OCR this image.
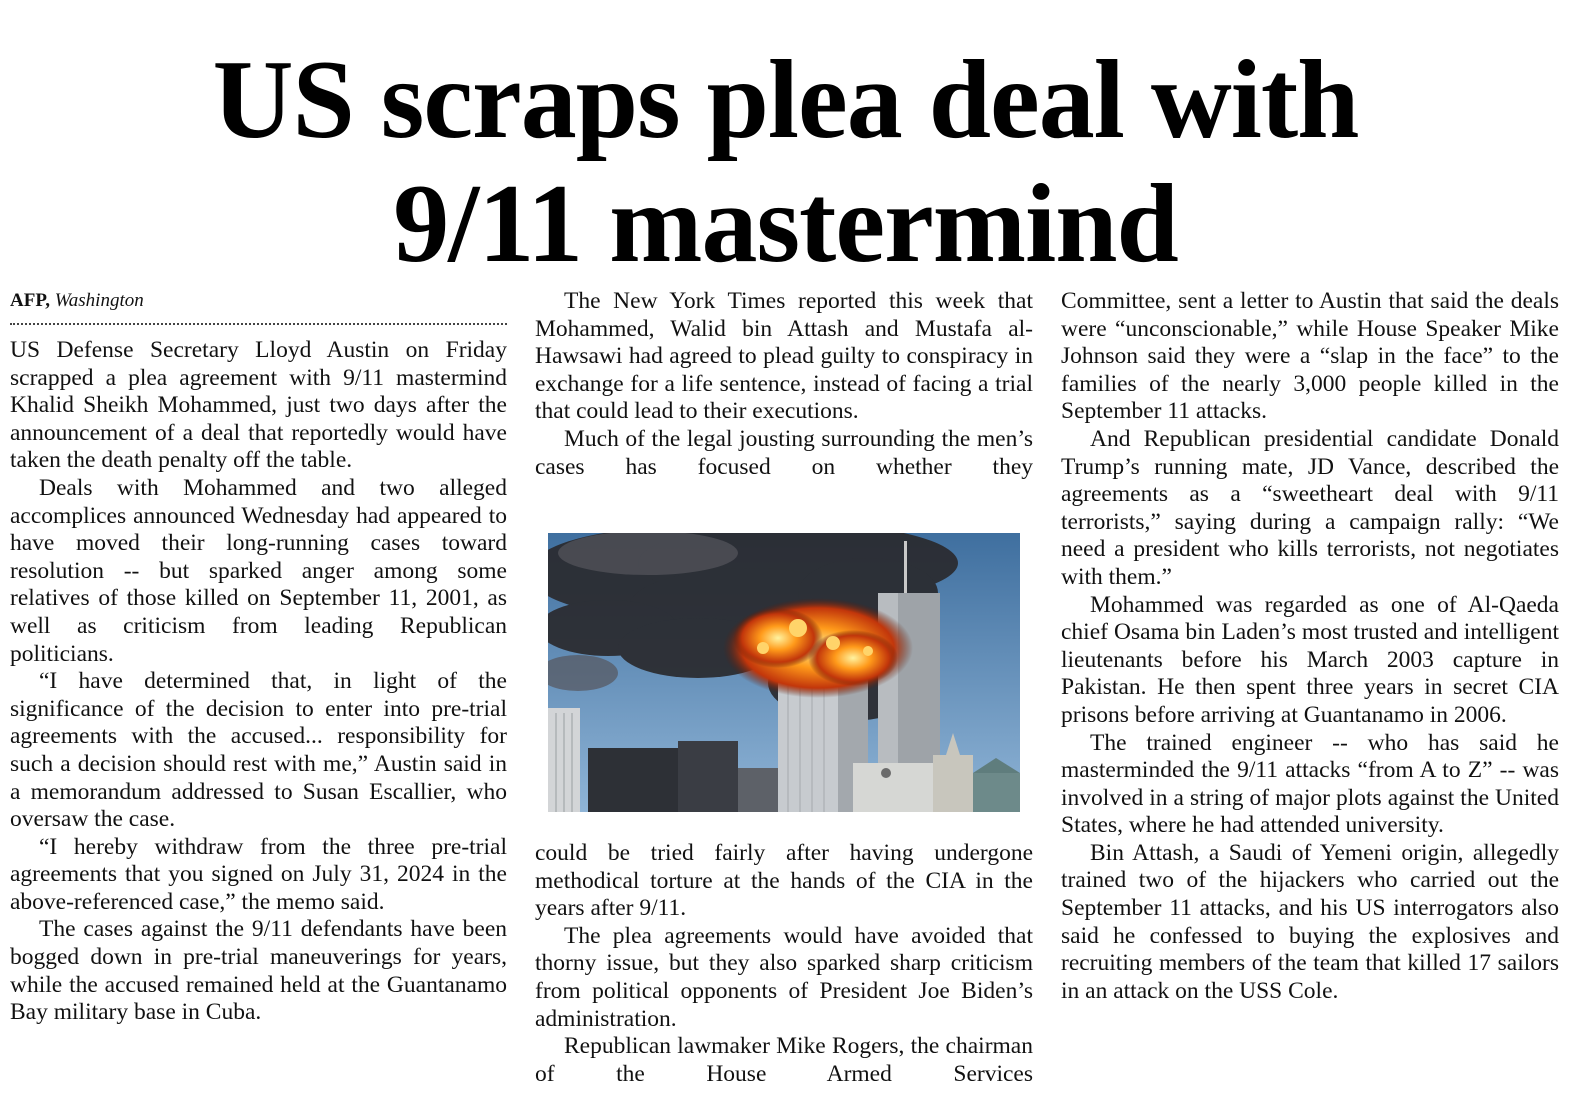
US scraps plea deal with
9/11 mastermind

AFP, Washington

US Defense Secretary Lloyd Austin on Friday scrapped a plea agreement with 9/11 mastermind Khalid Sheikh Mohammed, just two days after the announcement of a deal that reportedly would have taken the death penalty off the table.

Deals with Mohammed and two alleged accomplices announced Wednesday had appeared to have moved their long-running cases toward resolution -- but sparked anger among some relatives of those killed on September 11, 2001, as well as criticism from leading Republican politicians.

“I have determined that, in light of the significance of the decision to enter into pre-trial agreements with the accused... responsibility for such a decision should rest with me,” Austin said in a memorandum addressed to Susan Escallier, who oversaw the case.

“I hereby withdraw from the three pre-trial agreements that you signed on July 31, 2024 in the above-referenced case,” the memo said.

The cases against the 9/11 defendants have been bogged down in pre-trial maneuverings for years, while the accused remained held at the Guantanamo Bay military base in Cuba.

The New York Times reported this week that Mohammed, Walid bin Attash and Mustafa al-Hawsawi had agreed to plead guilty to conspiracy in exchange for a life sentence, instead of facing a trial that could lead to their executions.

Much of the legal jousting surrounding the men’s cases has focused on whether they

could be tried fairly after having undergone methodical torture at the hands of the CIA in the years after 9/11.

The plea agreements would have avoided that thorny issue, but they also sparked sharp criticism from political opponents of President Joe Biden’s administration.

Republican lawmaker Mike Rogers, the chairman of the House Armed Services

Committee, sent a letter to Austin that said the deals were “unconscionable,” while House Speaker Mike Johnson said they were a “slap in the face” to the families of the nearly 3,000 people killed in the September 11 attacks.

And Republican presidential candidate Donald Trump’s running mate, JD Vance, described the agreements as a “sweetheart deal with 9/11 terrorists,” saying during a campaign rally: “We need a president who kills terrorists, not negotiates with them.”

Mohammed was regarded as one of Al-Qaeda chief Osama bin Laden’s most trusted and intelligent lieutenants before his March 2003 capture in Pakistan. He then spent three years in secret CIA prisons before arriving at Guantanamo in 2006.

The trained engineer -- who has said he masterminded the 9/11 attacks “from A to Z” -- was involved in a string of major plots against the United States, where he had attended university.

Bin Attash, a Saudi of Yemeni origin, allegedly trained two of the hijackers who carried out the September 11 attacks, and his US interrogators also said he confessed to buying the explosives and recruiting members of the team that killed 17 sailors in an attack on the USS Cole.
